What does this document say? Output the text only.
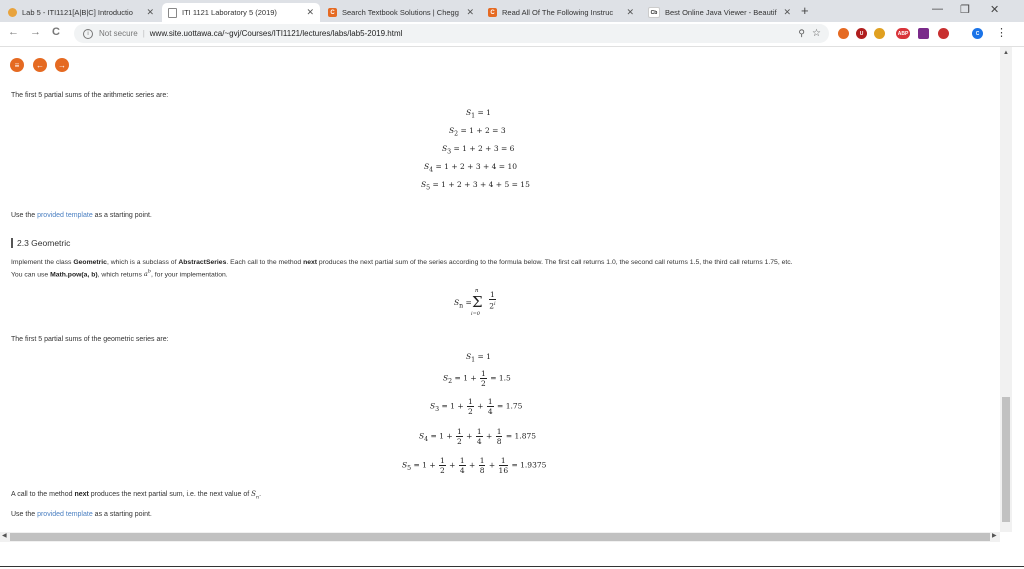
Lab 5 - ITI1121[A|B|C] Introductio	✕	ITI 1121 Laboratory 5 (2019)	✕	C Search Textbook Solutions | Chegg ✕	C Read All Of The Following Instruc	✕	Cb	Best Online Java Viewer - Beautif ✕ +	— ❐ ✕
← → C	i	Not secure | www.site.uottawa.ca/~gvj/Courses/ITI1121/lectures/labs/lab5-2019.html	⚲ ☆	U	ABP	C	⋮
≡	←	→
The first 5 partial sums of the arithmetic series are:
$S_1 = 1$
$S_2 = 1 + 2 = 3$
$S_3 = 1 + 2 + 3 = 6$
$S_4 = 1 + 2 + 3 + 4 = 10$
$S_5 = 1 + 2 + 3 + 4 + 5 = 15$
Use the provided template as a starting point.
2.3 Geometric
Implement the class Geometric, which is a subclass of AbstractSeries. Each call to the method next produces the next partial sum of the series according to the formula below. The first call returns 1.0, the second call returns 1.5, the third call returns 1.75, etc.
You can use Math.pow(a, b), which returns $a^b$, for your implementation.
$S_n$ =
n
Σ
i=0
$\frac{1}{2^i}$
The first 5 partial sums of the geometric series are:
$S_1 = 1$
$S_2 = 1 + \frac{1}{2} = 1.5$
$S_3 = 1 + \frac{1}{2} + \frac{1}{4} = 1.75$
$S_4 = 1 + \frac{1}{2} + \frac{1}{4} + \frac{1}{8} = 1.875$
$S_5 = 1 + \frac{1}{2} + \frac{1}{4} + \frac{1}{8} + \frac{1}{16} = 1.9375$
A call to the method next produces the next partial sum, i.e. the next value of $S_n$.
Use the provided template as a starting point.
▲
◀	▶
